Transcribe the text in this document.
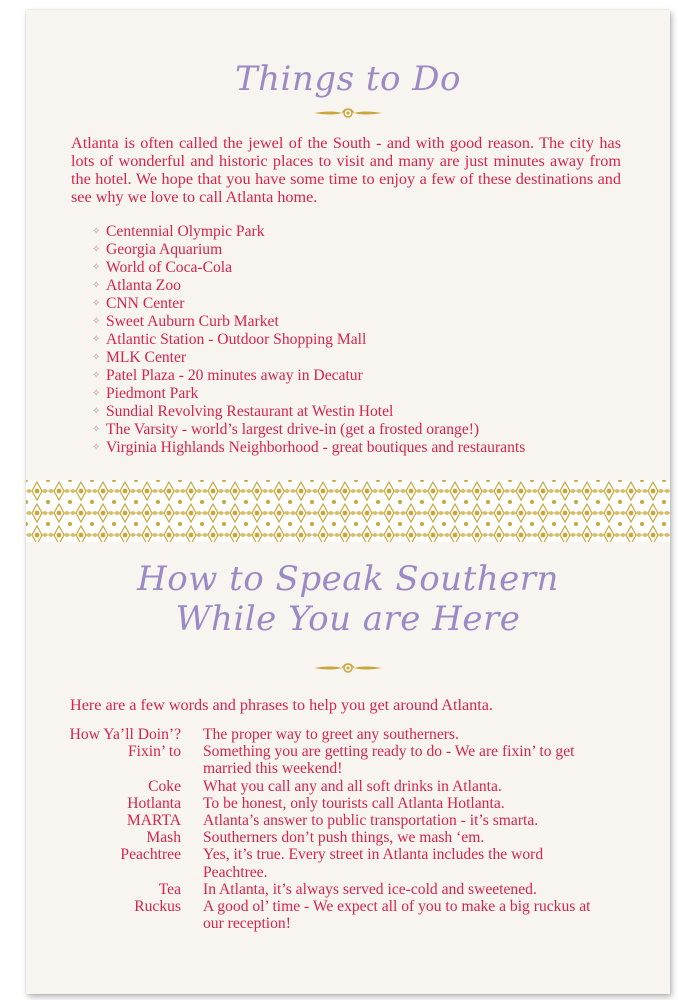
Things to Do

Atlanta is often called the jewel of the South - and with good reason. The city has lots of wonderful and historic places to visit and many are just minutes away from the hotel. We hope that you have some time to enjoy a few of these destinations and see why we love to call Atlanta home.

✧ Centennial Olympic Park
✧ Georgia Aquarium
✧ World of Coca-Cola
✧ Atlanta Zoo
✧ CNN Center
✧ Sweet Auburn Curb Market
✧ Atlantic Station - Outdoor Shopping Mall
✧ MLK Center
✧ Patel Plaza - 20 minutes away in Decatur
✧ Piedmont Park
✧ Sundial Revolving Restaurant at Westin Hotel
✧ The Varsity - world’s largest drive-in (get a frosted orange!)
✧ Virginia Highlands Neighborhood - great boutiques and restaurants
How to Speak Southern
While You are Here

Here are a few words and phrases to help you get around Atlanta.

How Ya’ll Doin’?	The proper way to greet any southerners.
Fixin’ to	Something you are getting ready to do - We are fixin’ to get married this weekend!
Coke	What you call any and all soft drinks in Atlanta.
Hotlanta	To be honest, only tourists call Atlanta Hotlanta.
MARTA	Atlanta’s answer to public transportation - it’s smarta.
Mash	Southerners don’t push things, we mash ‘em.
Peachtree	Yes, it’s true. Every street in Atlanta includes the word Peachtree.
Tea	In Atlanta, it’s always served ice-cold and sweetened.
Ruckus	A good ol’ time - We expect all of you to make a big ruckus at our reception!
